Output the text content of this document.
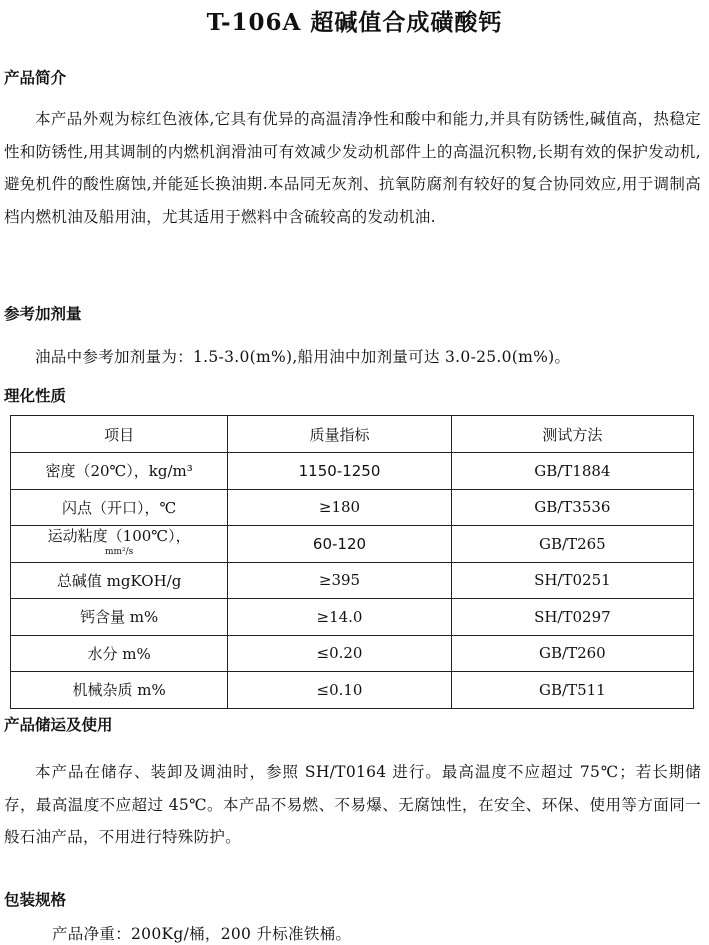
T-106A 超碱值合成磺酸钙
产品简介
本产品外观为棕红色液体,它具有优异的高温清净性和酸中和能力,并具有防锈性,碱值高，热稳定性和防锈性,用其调制的内燃机润滑油可有效减少发动机部件上的高温沉积物,长期有效的保护发动机,避免机件的酸性腐蚀,并能延长换油期.本品同无灰剂、抗氧防腐剂有较好的复合协同效应,用于调制高档内燃机油及船用油，尤其适用于燃料中含硫较高的发动机油.
参考加剂量
油品中参考加剂量为：1.5-3.0(m%),船用油中加剂量可达 3.0-25.0(m%)。
理化性质
项目	质量指标	测试方法
密度（20℃），kg/m³	1150-1250	GB/T1884
闪点（开口），℃	≥180	GB/T3536

运动粘度（100℃），
mm²/s	60-120	GB/T265
总碱值 mgKOH/g	≥395	SH/T0251
钙含量 m%	≥14.0	SH/T0297
水分 m%	≤0.20	GB/T260
机械杂质 m%	≤0.10	GB/T511
产品储运及使用
本产品在储存、装卸及调油时，参照 SH/T0164 进行。最高温度不应超过 75℃；若长期储存，最高温度不应超过 45℃。本产品不易燃、不易爆、无腐蚀性，在安全、环保、使用等方面同一般石油产品，不用进行特殊防护。
包装规格
产品净重：200Kg/桶，200 升标准铁桶。
